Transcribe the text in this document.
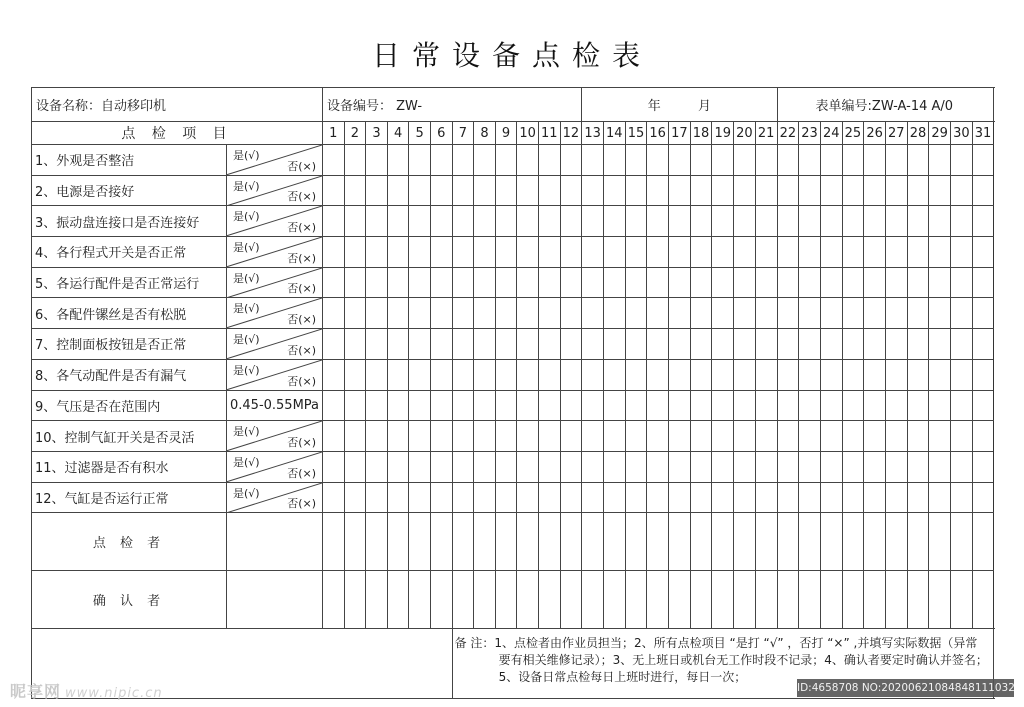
日常设备点检表
设备名称：自动移印机		设备编号： ZW-												年         月									表单编号:ZW-A-14 A/0									

点 检 项 目		1	2	3	4	5	6	7	8	9	10	11	12	13	14	15	16	17	18	19	20	21	22	23	24	25	26	27	28	29	30	31
1、外观是否整洁	是(√)
否(×)																															

2、电源是否接好	是(√)
否(×)																															

3、振动盘连接口是否连接好	是(√)
否(×)																															

4、各行程式开关是否正常	是(√)
否(×)																															

5、各运行配件是否正常运行	是(√)
否(×)																															

6、各配件镙丝是否有松脱	是(√)
否(×)																															

7、控制面板按钮是否正常	是(√)
否(×)																															

8、各气动配件是否有漏气	是(√)
否(×)																															

9、气压是否在范围内	0.45-0.55MPa																															
10、控制气缸开关是否灵活	是(√)
否(×)																															

11、过滤器是否有积水	是(√)
否(×)																															

12、气缸是否运行正常	是(√)
否(×)																															

点 检 者																																
确 认 者																																

								备 注：1、点检者由作业员担当；2、所有点检项目 “是打 “√” ，否打 “×” ,并填写实际数据（异常
要有相关维修记录）；3、无上班日或机台无工作时段不记录；4、确认者要定时确认并签名；
5、设备日常点检每日上班时进行，每日一次；																								
昵享网 www.nipic.cn	ID:4658708 NO:20200621084848111032
